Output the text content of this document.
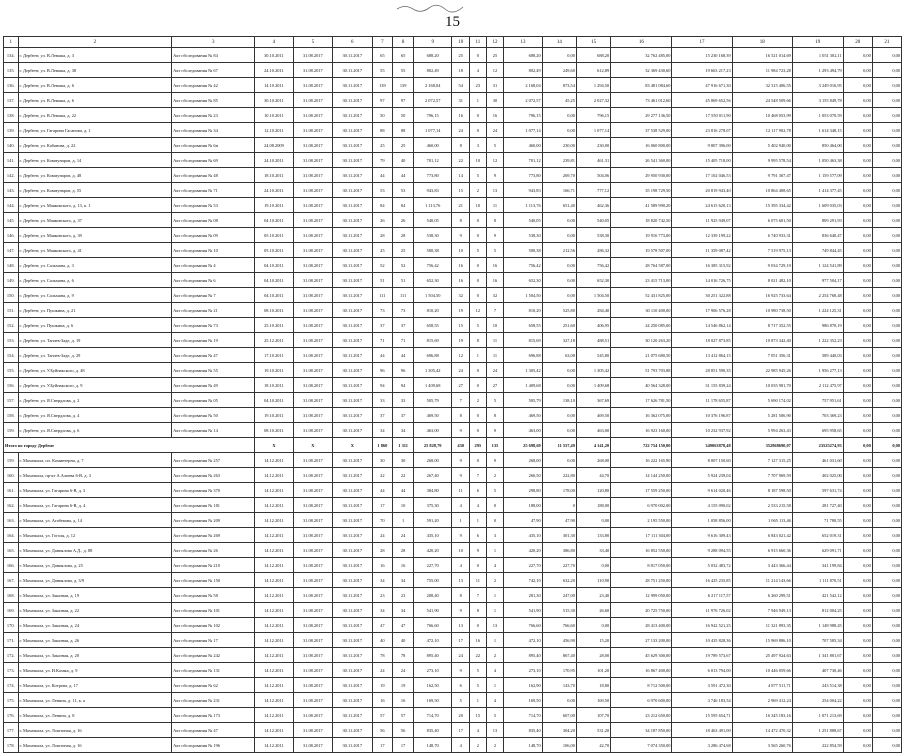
15
1	2	3	4	5	6	7	8	9	10	11	12	13	14	15	16	17	18	19	20	21
134.	г. Дербент, ул. В.Леваша, д. 3	Акт обследования № 84	30.10.2011	31.08.2017	30.11.2017	65	65	688,20	25	0	25	688,20	0,00	688,20	32 762 485,00	15 230 168,39	16 521 014,69	1 051 302,11	0,00	0,00
135.	г. Дербент, ул. В.Леваша, д. 38	Акт обследования № 67	24.10.2011	31.08.2017	30.11.2017	55	55	802,49	18	4	12	802,49	249,60	612,89	32 369 430,60	19 663 217,23	11 984 723,28	1 293 494,79	0,00	0,00
136.	г. Дербент, ул. В.Леваша, д. 6	Акт обследования № 42	14.10.2011	31.08.2017	30.11.2017	139	139	2 168,04	54	23	31	2 168,04	873,54	1 294,50	83 481 084,60	47 916 671,30	32 315 406,55	3 249 016,95	0,00	0,00
137.	г. Дербент, ул. В.Леваша, д. 6	Акт обследования № 85	30.10.2011	31.08.2017	30.11.2017	97	97	2 072,57	31	1	30	2 072,57	45,25	2 027,32	73 461 012,60	45 869 652,56	24 548 509,66	3 155 849,78	0,00	0,00
138.	г. Дербент, ул. В.Леваша, д. 22	Акт обследования № 23	10.10.2011	31.08.2017	30.11.2017	50	50	796,15	16	0	16	796,15	0,00	796,15	29 277 136,50	17 550 011,90	10 468 053,99	1 053 070,59	0,00	0,00
139.	г. Дербент, ул. Гагарина Гасанова, д. 1	Акт обследования № 34	12.10.2011	31.08.2017	30.11.2017	88	88	1 077,14	24	0	24	1 077,14	0,00	1 077,14	37 538 529,00	23 816 278,07	12 117 902,78	1 614 348,15	0,00	0,00
140.	г. Дербент, ул. Кабанова, д. 22	Акт обследования № 6н	24.08.2009	31.08.2017	30.11.2017	25	25	460,00	8	3	5	460,00	230,00	230,00	16 060 800,00	9 807 396,00	5 402 940,00	850 464,00	0,00	0,00
141.	г. Дербент, ул. Коммунаров, д. 14	Акт обследования № 69	24.10.2011	31.08.2017	30.11.2017	79	40	701,12	22	10	12	701,12	239,81	461,31	26 541 360,00	15 405 718,00	9 995 578,54	1 050 463,38	0,00	0,00
142.	г. Дербент, ул. Коммунаров, д. 48	Акт обследования № 48	18.10.2011	31.08.2017	30.11.2017	44	44	773,80	14	5	9	773,80	269,70	504,06	29 950 930,00	17 102 046,53	9 791 307,47	1 159 577,09	0,00	0,00
143.	г. Дербент, ул. Коммунаров, д. 55	Акт обследования № 71	24.10.2011	31.08.2017	30.11.2017	53	53	943,83	15	2	13	943,83	166,71	777,12	35 198 729,50	20 819 943,40	10 864 408,65	1 414 377,45	0,00	0,00
144.	г. Дербент, ул. Маяковского, д. 13, к. 1	Акт обследования № 53	19.10.2011	31.08.2017	30.11.2017	84	84	1 113,76	21	10	11	1 113,76	651,40	462,36	41 589 990,20	24 615 620,13	15 395 334,42	1 609 035,03	0,00	0,00
145.	г. Дербент, ул. Маяковского, д. 37	Акт обследования № 08	04.10.2011	31.08.2017	30.11.2017	26	26	540,05	8	0	8	540,05	0,00	540,05	18 820 742,50	11 925 949,07	6 075 601,50	809 291,93	0,00	0,00
146.	г. Дербент, ул. Маяковского, д. 39	Акт обследования № 09	05.10.2011	31.08.2017	30.11.2017	28	28	538,30	9	0	9	538,30	0,00	538,30	19 916 773,00	12 339 199,22	6 740 933,31	836 640,47	0,00	0,00
147.	г. Дербент, ул. Маяковского, д. 41	Акт обследования № 10	05.10.2011	31.08.2017	30.11.2017	25	25	500,38	10	5	5	500,38	212,56	286,32	19 578 507,00	11 359 087,42	7 519 975,13	749 844,45	0,00	0,00
148.	г. Дербент, ул. Сальмана, д. 3	Акт обследования № 4	04.10.2011	31.08.2017	30.11.2017	52	52	756,42	16	0	16	756,42	0,00	756,42	28 764 587,00	16 385 315,92	9 034 729,19	1 124 541,89	0,00	0,00
149.	г. Дербент, ул. Сальмана, д. 6	Акт обследования № 6	04.10.2011	31.08.2017	30.11.2017	51	51	652,30	16	0	16	652,30	0,00	652,30	23 415 713,00	14 016 726,75	8 021 482,10	977 504,17	0,00	0,00
150.	г. Дербент, ул. Сальмана, д. 9	Акт обследования № 7	04.10.2011	31.08.2017	30.11.2017	111	111	1 504,50	32	0	32	1 504,50	0,00	1 504,50	52 431 825,00	30 251 322,88	16 925 733,64	2 254 768,48	0,00	0,00
151.	г. Дербент, ул. Пушкина, д. 21	Акт обследования № 21	08.10.2011	31.08.2017	30.11.2017	73	73	810,20	19	12	7	810,20	525,80	284,40	30 110 400,00	17 906 576,28	10 980 738,50	1 224 125,31	0,00	0,00
152.	г. Дербент, ул. Пушкина, д. 6	Акт обследования № 73	25.10.2011	31.08.2017	30.11.2017	37	37	658,55	15	5	10	658,55	251,60	406,95	24 250 085,00	14 546 862,14	8 717 352,55	986 870,19	0,00	0,00
153.	г. Дербент, ул. Тагиев-Заде, д. 19	Акт обследования № 19	25.12.2011	31.08.2017	30.11.2017	71	71	815,69	19	8	11	815,69	327,18	488,51	30 120 263,20	18 027 873,85	10 873 342,40	1 222 352,23	0,00	0,00
154.	г. Дербент, ул. Тагиев-Заде, д. 29	Акт обследования № 47	17.10.2011	31.08.2017	30.11.2017	44	44	696,88	12	1	11	696,88	63,08	545,80	21 075 680,50	13 412 864,15	7 051 356,31	589 440,03	0,00	0,00
155.	г. Дербент, ул. У.Буйнакского, д. 48	Акт обследования № 55	19.10.2011	31.08.2017	30.11.2017	96	96	1 305,42	24	0	24	1 305,42	0,00	1 305,42	51 793 703,88	28 851 590,35	22 985 945,26	1 956 277,13	0,00	0,00
156.	г. Дербент, ул. У.Буйнакского, д. 9	Акт обследования № 49	18.10.2011	31.08.2017	30.11.2017	94	94	1 409,68	27	0	27	1 409,68	0,00	1 409,68	40 564 328,00	31 155 839,24	10 035 981,70	2 112 475,97	0,00	0,00
157.	г. Дербент, ул. Я.Свердлова, д. 2	Акт обследования № 05	04.10.2011	31.08.2017	30.11.2017	33	33	505,79	7	2	5	505,79	138,10	367,69	17 626 781,50	11 178 655,87	5 690 174,02	757 951,61	0,00	0,00
158.	г. Дербент, ул. Я.Свердлова, д. 4	Акт обследования № 50	19.10.2011	31.08.2017	30.11.2017	37	37	469,50	8	0	8	469,50	0,00	469,50	16 362 075,00	10 376 196,87	5 281 506,90	703 369,23	0,00	0,00
159.	г. Дербент, ул. Я.Свердлова, д. 6	Акт обследования № 14	08.10.2011	31.08.2017	30.11.2017	34	34	463,00	9	0	9	463,00	0,00	463,00	16 923 160,00	10 232 937,92	5 994 263,43	695 958,65	0,00	0,00
Итого по городу Дербент			X	X	X	1 860	1 311	25 828,79	430	295	135	25 698,69	11 557,49	4 141,20	722 754 150,00	349063878,48	352868690,07	23525274,93	0,00	0,00
159.	г. Махачкала, пл. Коминтерна, д. 7	Акт обследования № 257	14.12.2011	31.08.2017	30.11.2017	30	30	268,00	9	0	9	268,00	0,00	268,00	16 222 165,90	8 007 150,60	7 127 315,25	461 031,60	0,00	0,00
160.	г. Махачкала, пр-кт А.Алиева 6-В, д. 3	Акт обследования № 263	14.12.2011	31.08.2017	30.11.2017	22	22	267,40	9	7	2	266,50	222,80	44,70	14 144 250,00	5 924 239,04	7 707 969,59	402 025,00	0,00	0,00
161.	г. Махачкала, ул. Гагарина 6-В, д. 3	Акт обследования № 370	14.12.2011	31.08.2017	30.11.2017	44	44	384,80	11	6	5	298,80	178,00	120,80	17 559 250,00	9 614 020,46	8 187 598,50	597 631,74	0,00	0,00
162.	г. Махачкала, ул. Гагарина 6-В, д. 4	Акт обследования № 181	14.12.2011	31.08.2017	30.11.2017	17	10	375,30	4	4	0	188,00	0	188,00	6 970 002,00	4 155 090,02	2 533 215,58	281 727,40	0,00	0,00
163.	г. Махачкала, ул. Агабекова, д. 14	Акт обследования № 209	14.12.2011	31.08.2017	30.11.2017	70	1	591,20	1	1	0	47,90	47,90	0,00	2 195 550,00	1 058 856,00	1 065 113,46	71 780,55	0,00	0,00
164.	г. Махачкала, ул. Гоголя, д. 12	Акт обследования № 269	14.12.2011	31.08.2017	30.11.2017	24	24	435,10	9	6	3	435,10	301,30	133,80	17 111 304,00	9 616 309,43	6 843 021,42	652 019,31	0,00	0,00
165.	г. Махачкала, ул. Даниялова А.Д., д. 88	Акт обследования № 26	14.12.2011	31.08.2017	30.11.2017	28	28	420,20	10	9	1	420,20	386,80	33,40	16 852 550,00	9 288 094,55	6 915 660,36	629 091,71	0,00	0,00
166.	г. Махачкала, ул. Даниялова, д. 25	Акт обследования № 210	14.12.2011	31.08.2017	30.11.2017	16	16	227,70	4	0	4	227,70	227,70	0,00	8 817 050,00	5 032 483,72	3 443 366,44	341 199,84	0,00	0,00
167.	г. Махачкала, ул. Даниялова, д. 3/9	Акт обследования № 150	14.12.2011	31.08.2017	30.11.2017	34	34	755,00	13	11	2	742,10	632,20	110,90	28 751 250,00	16 425 235,85	11 214 143,66	1 111 870,51	0,00	0,00
168.	г. Махачкала, ул. Заказная, д. 19	Акт обследования № 58	14.12.2011	31.08.2017	30.11.2017	23	23	208,40	8	7	1	281,30	247,00	23,40	12 999 050,00	6 217 117,57	6 260 299,51	421 542,12	0,00	0,00
169.	г. Махачкала, ул. Заказная, д. 22	Акт обследования № 101	14.12.2011	31.08.2017	30.11.2017	34	34	541,90	9	8	1	541,90	515,30	26,60	20 725 750,00	11 976 726,02	7 946 949,13	812 004,25	0,00	0,00
170.	г. Махачкала, ул. Заказная, д. 24	Акт обследования № 102	14.12.2011	31.08.2017	30.11.2017	47	47	766,60	13	0	13	766,60	766,60	0,00	28 413 400,00	16 942 521,25	11 321 893,35	1 148 988,45	0,00	0,00
171.	г. Махачкала, ул. Заказная, д. 26	Акт обследования № 17	14.12.2011	31.08.2017	30.11.2017	40	40	472,10	17	16	1	472,10	456,90	15,20	27 133 200,00	10 435 828,36	15 969 886,10	707 585,34	0,00	0,00
172.	г. Махачкала, ул. Заказная, д. 20	Акт обследования № 242	14.12.2011	31.08.2017	30.11.2017	78	78	895,40	24	22	2	895,40	867,40	28,00	45 629 300,00	19 789 573,67	25 497 924,63	1 341 801,67	0,00	0,00
173.	г. Махачкала, ул. И.Казака, д. 9	Акт обследования № 131	14.12.2011	31.08.2017	30.11.2017	24	24	273,10	9	5	4	273,10	170,95	101,20	16 867 400,00	6 013 794,00	10 446 059,66	407 730,46	0,00	0,00
174.	г. Махачкала, ул. Котрова, д. 17	Акт обследования № 62	14.12.2011	31.08.2017	30.11.2017	19	19	162,50	6	5	1	162,90	143,70	18,80	8 712 500,00	3 591 472,30	4 877 511,71	243 514,38	0,00	0,00
175.	г. Махачкала, ул. Ленина, д. 11, к. а	Акт обследования № 231	14.12.2011	31.08.2017	30.11.2017	16	16	169,50	5	1	4	169,50	0,00	169,50	6 970 600,00	3 746 183,54	2 969 412,24	254 004,22	0,00	0,00
176.	г. Махачкала, ул. Ленина, д. 8	Акт обследования № 173	14.12.2011	31.08.2017	30.11.2017	57	57	714,70	20	15	5	714,70	607,00	107,70	23 212 650,00	15 595 654,71	16 345 183,16	1 071 213,69	0,00	0,00
177.	г. Махачкала, ул. Лоштоная, д. 16	Акт обследования № 47	14.12.2011	31.08.2017	30.11.2017	56	56	835,40	17	4	13	835,40	304,20	531,20	34 187 850,00	18 463 491,00	14 472 470,32	1 251 888,67	0,00	0,00
178.	г. Махачкала, ул. Лоштоная, д. 16	Акт обследования № 196	14.12.2011	31.08.2017	30.11.2017	17	17	148,70	4	2	2	148,70	106,00	42,70	7 074 350,00	3 286 474,68	3 565 260,76	222 854,59	0,00	0,00
